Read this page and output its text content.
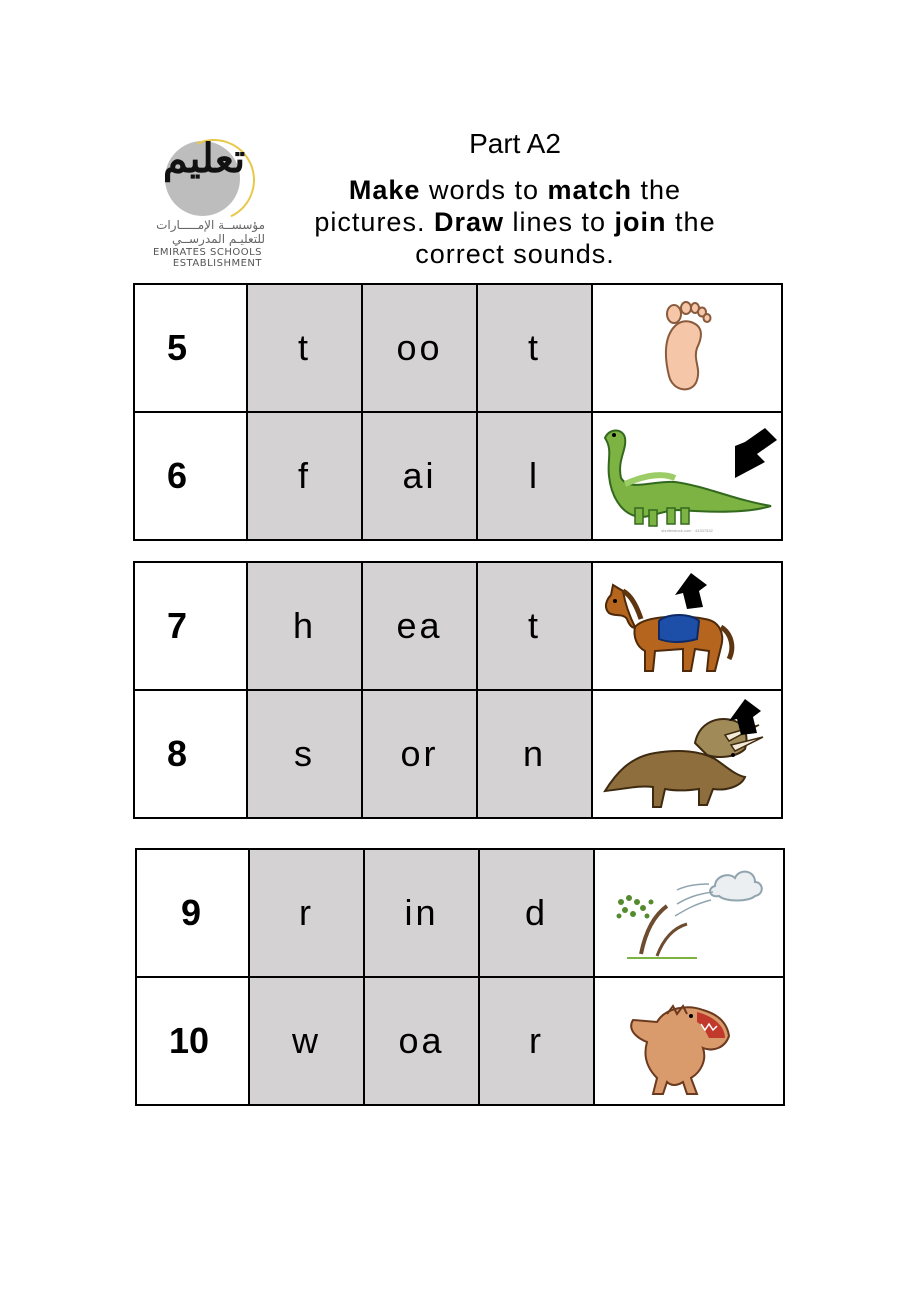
تعليم
مؤسســة الإمـــــارات
للتعليـم المدرســي
EMIRATES SCHOOLS
ESTABLISHMENT
Part A2
Make words to match the pictures. Draw lines to join the correct sounds.
5	t	oo	t	

6	f	ai	l	shutterstock.com · 44337532
7	h	ea	t	

8	s	or	n	
9	r	in	d	

10	w	oa	r	
